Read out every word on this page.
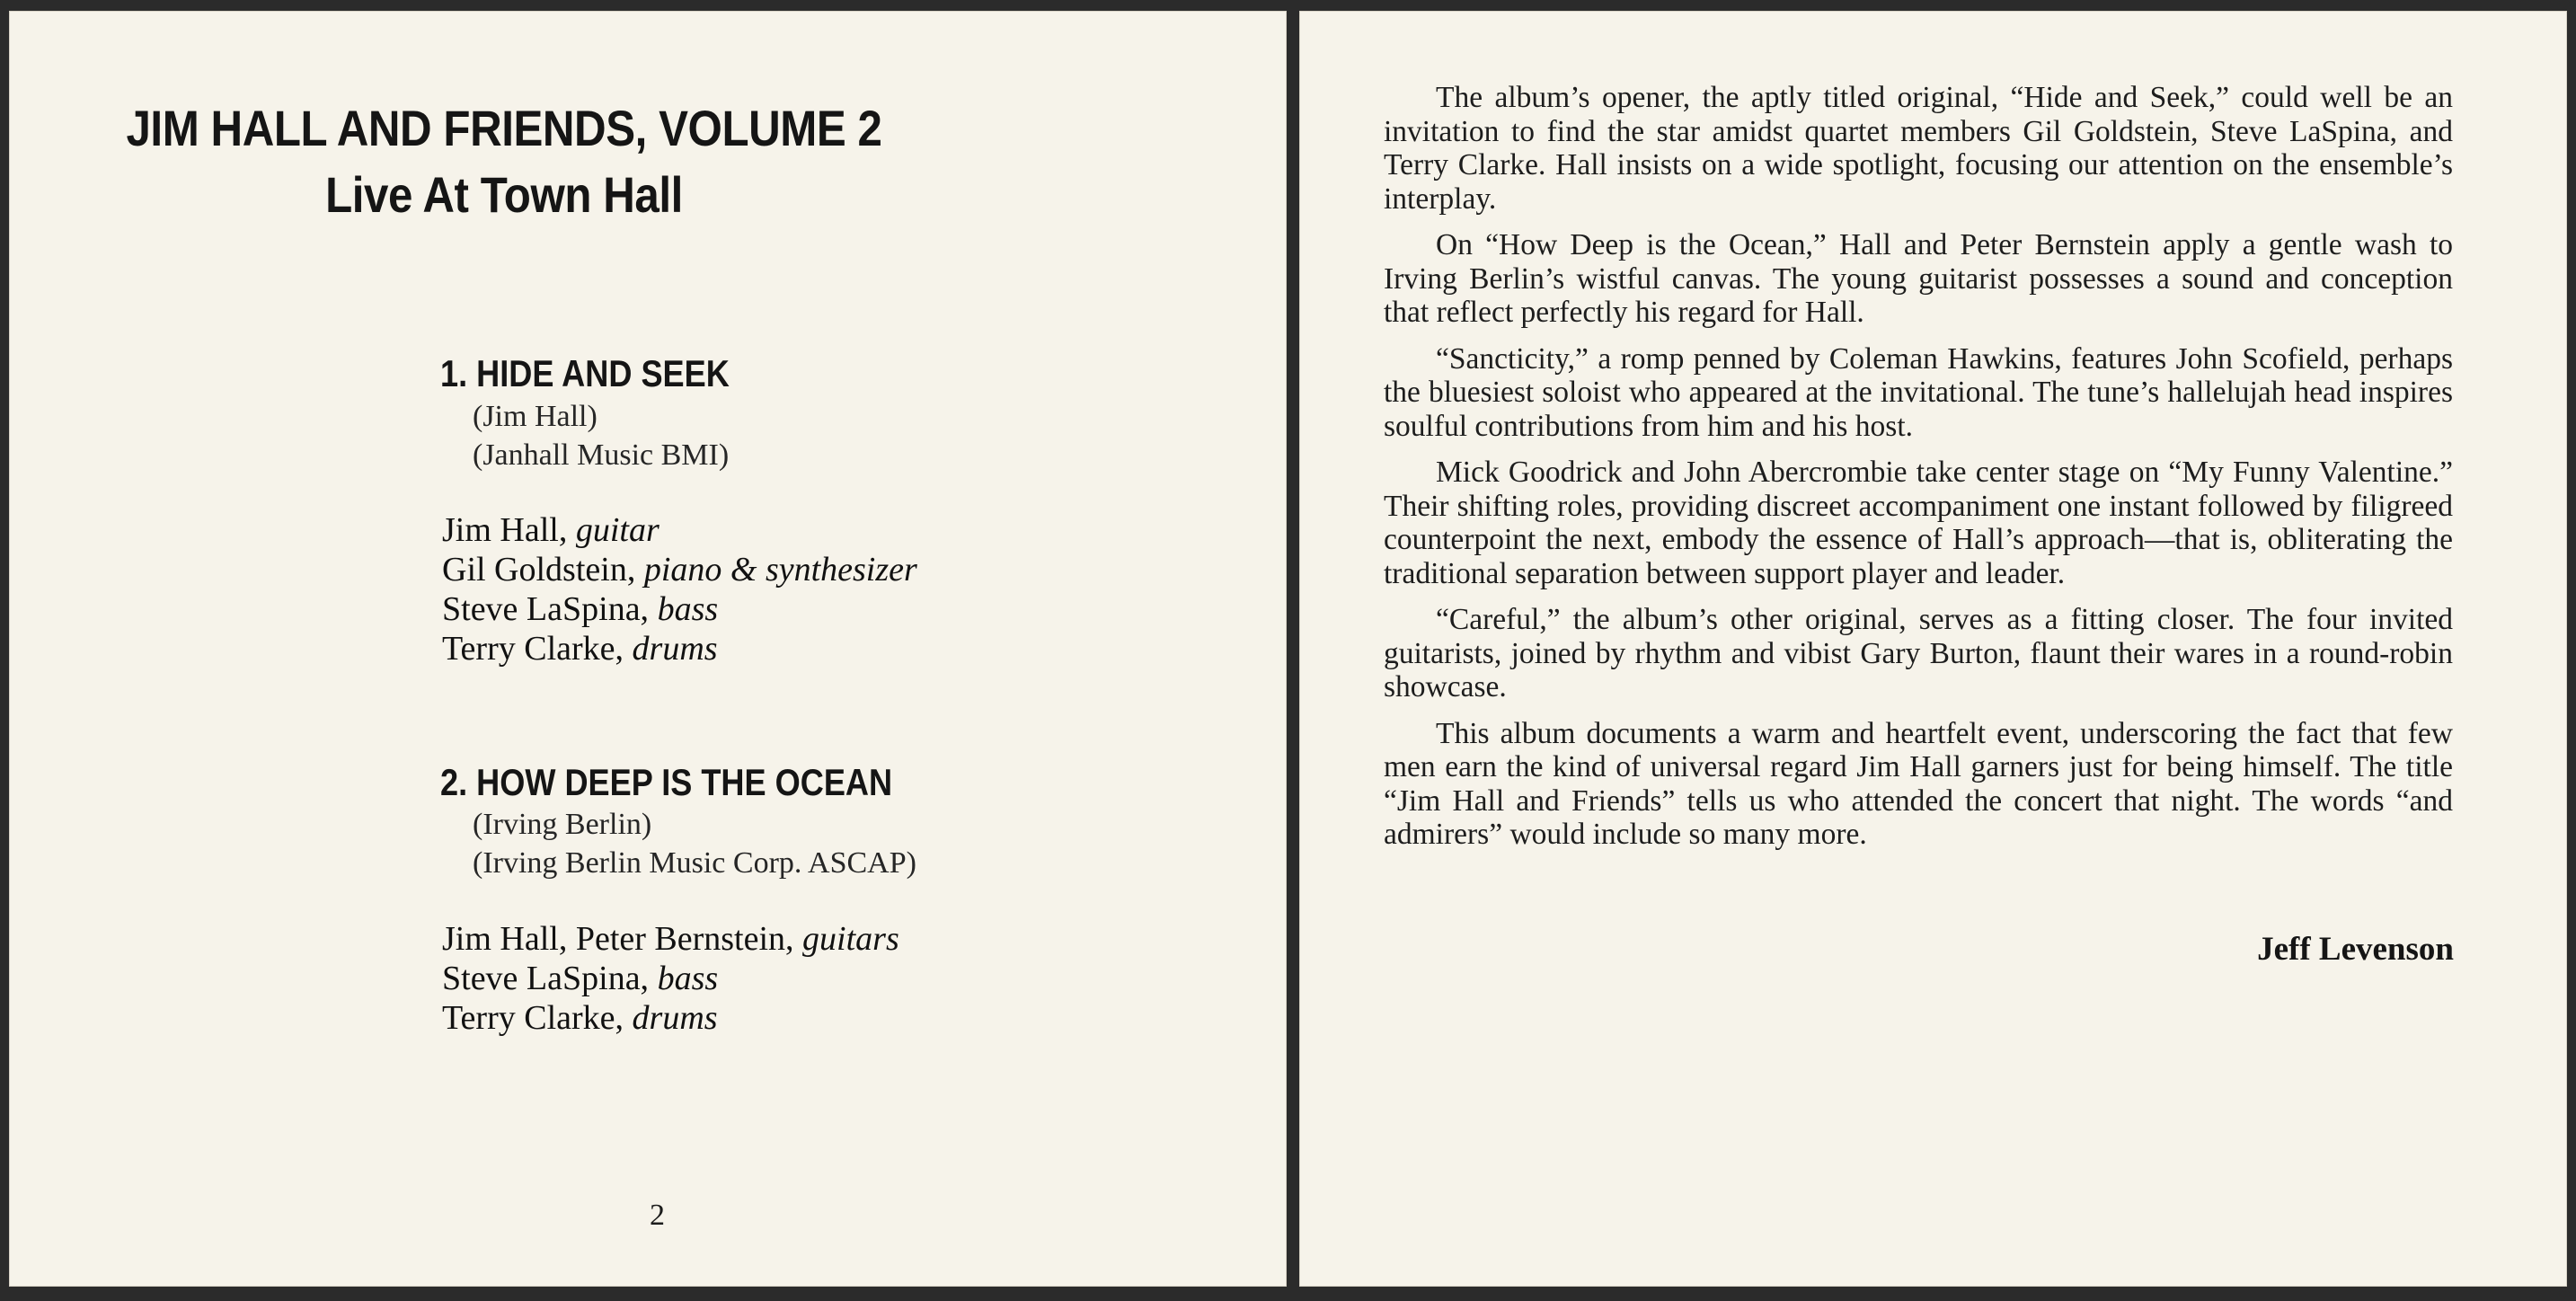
JIM HALL AND FRIENDS, VOLUME 2
Live At Town Hall
1. HIDE AND SEEK

(Jim Hall)

(Janhall Music BMI)

Jim Hall, guitar

Gil Goldstein, piano & synthesizer

Steve LaSpina, bass

Terry Clarke, drums

2. HOW DEEP IS THE OCEAN

(Irving Berlin)

(Irving Berlin Music Corp. ASCAP)

Jim Hall, Peter Bernstein, guitars

Steve LaSpina, bass

Terry Clarke, drums

2

The album’s opener, the aptly titled original, “Hide and Seek,” could well be an invitation to find the star amidst quartet members Gil Goldstein, Steve LaSpina, and Terry Clarke. Hall insists on a wide spotlight, focusing our attention on the ensemble’s interplay.

On “How Deep is the Ocean,” Hall and Peter Bernstein apply a gentle wash to Irving Berlin’s wistful canvas. The young guitarist possesses a sound and conception that reflect perfectly his regard for Hall.

“Sancticity,” a romp penned by Coleman Hawkins, features John Scofield, perhaps the bluesiest soloist who appeared at the invitational. The tune’s hallelujah head inspires soulful contributions from him and his host.

Mick Goodrick and John Abercrombie take center stage on “My Funny Valentine.” Their shifting roles, providing discreet accompaniment one instant followed by filigreed counterpoint the next, embody the essence of Hall’s approach—that is, obliterating the traditional separation between support player and leader.

“Careful,” the album’s other original, serves as a fitting closer. The four invited guitarists, joined by rhythm and vibist Gary Burton, flaunt their wares in a round-robin showcase.

This album documents a warm and heartfelt event, underscoring the fact that few men earn the kind of universal regard Jim Hall garners just for being himself. The title “Jim Hall and Friends” tells us who attended the concert that night. The words “and admirers” would include so many more.

Jeff Levenson
